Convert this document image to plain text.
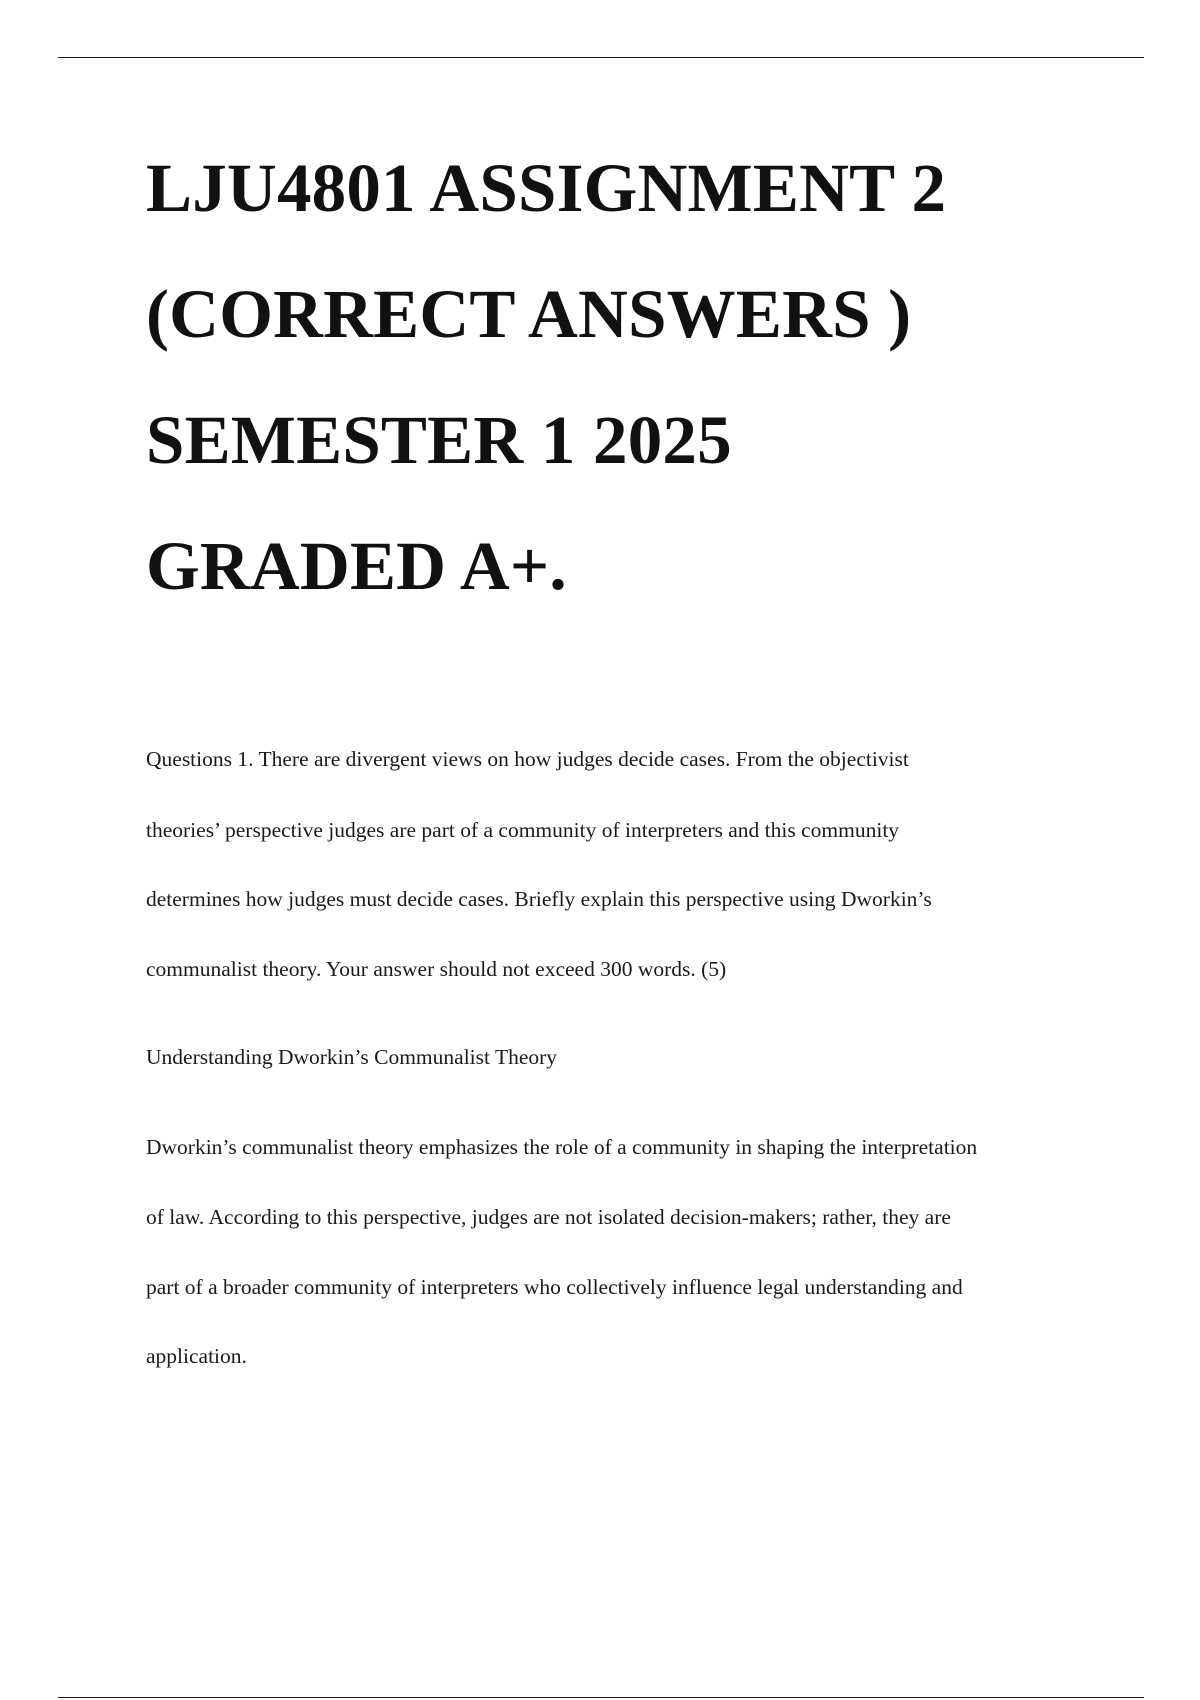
LJU4801 ASSIGNMENT 2
(CORRECT ANSWERS )
SEMESTER 1 2025
GRADED A+.

Questions 1. There are divergent views on how judges decide cases. From the objectivist

theories’ perspective judges are part of a community of interpreters and this community

determines how judges must decide cases. Briefly explain this perspective using Dworkin’s

communalist theory. Your answer should not exceed 300 words. (5)

Understanding Dworkin’s Communalist Theory

Dworkin’s communalist theory emphasizes the role of a community in shaping the interpretation

of law. According to this perspective, judges are not isolated decision-makers; rather, they are

part of a broader community of interpreters who collectively influence legal understanding and

application.
